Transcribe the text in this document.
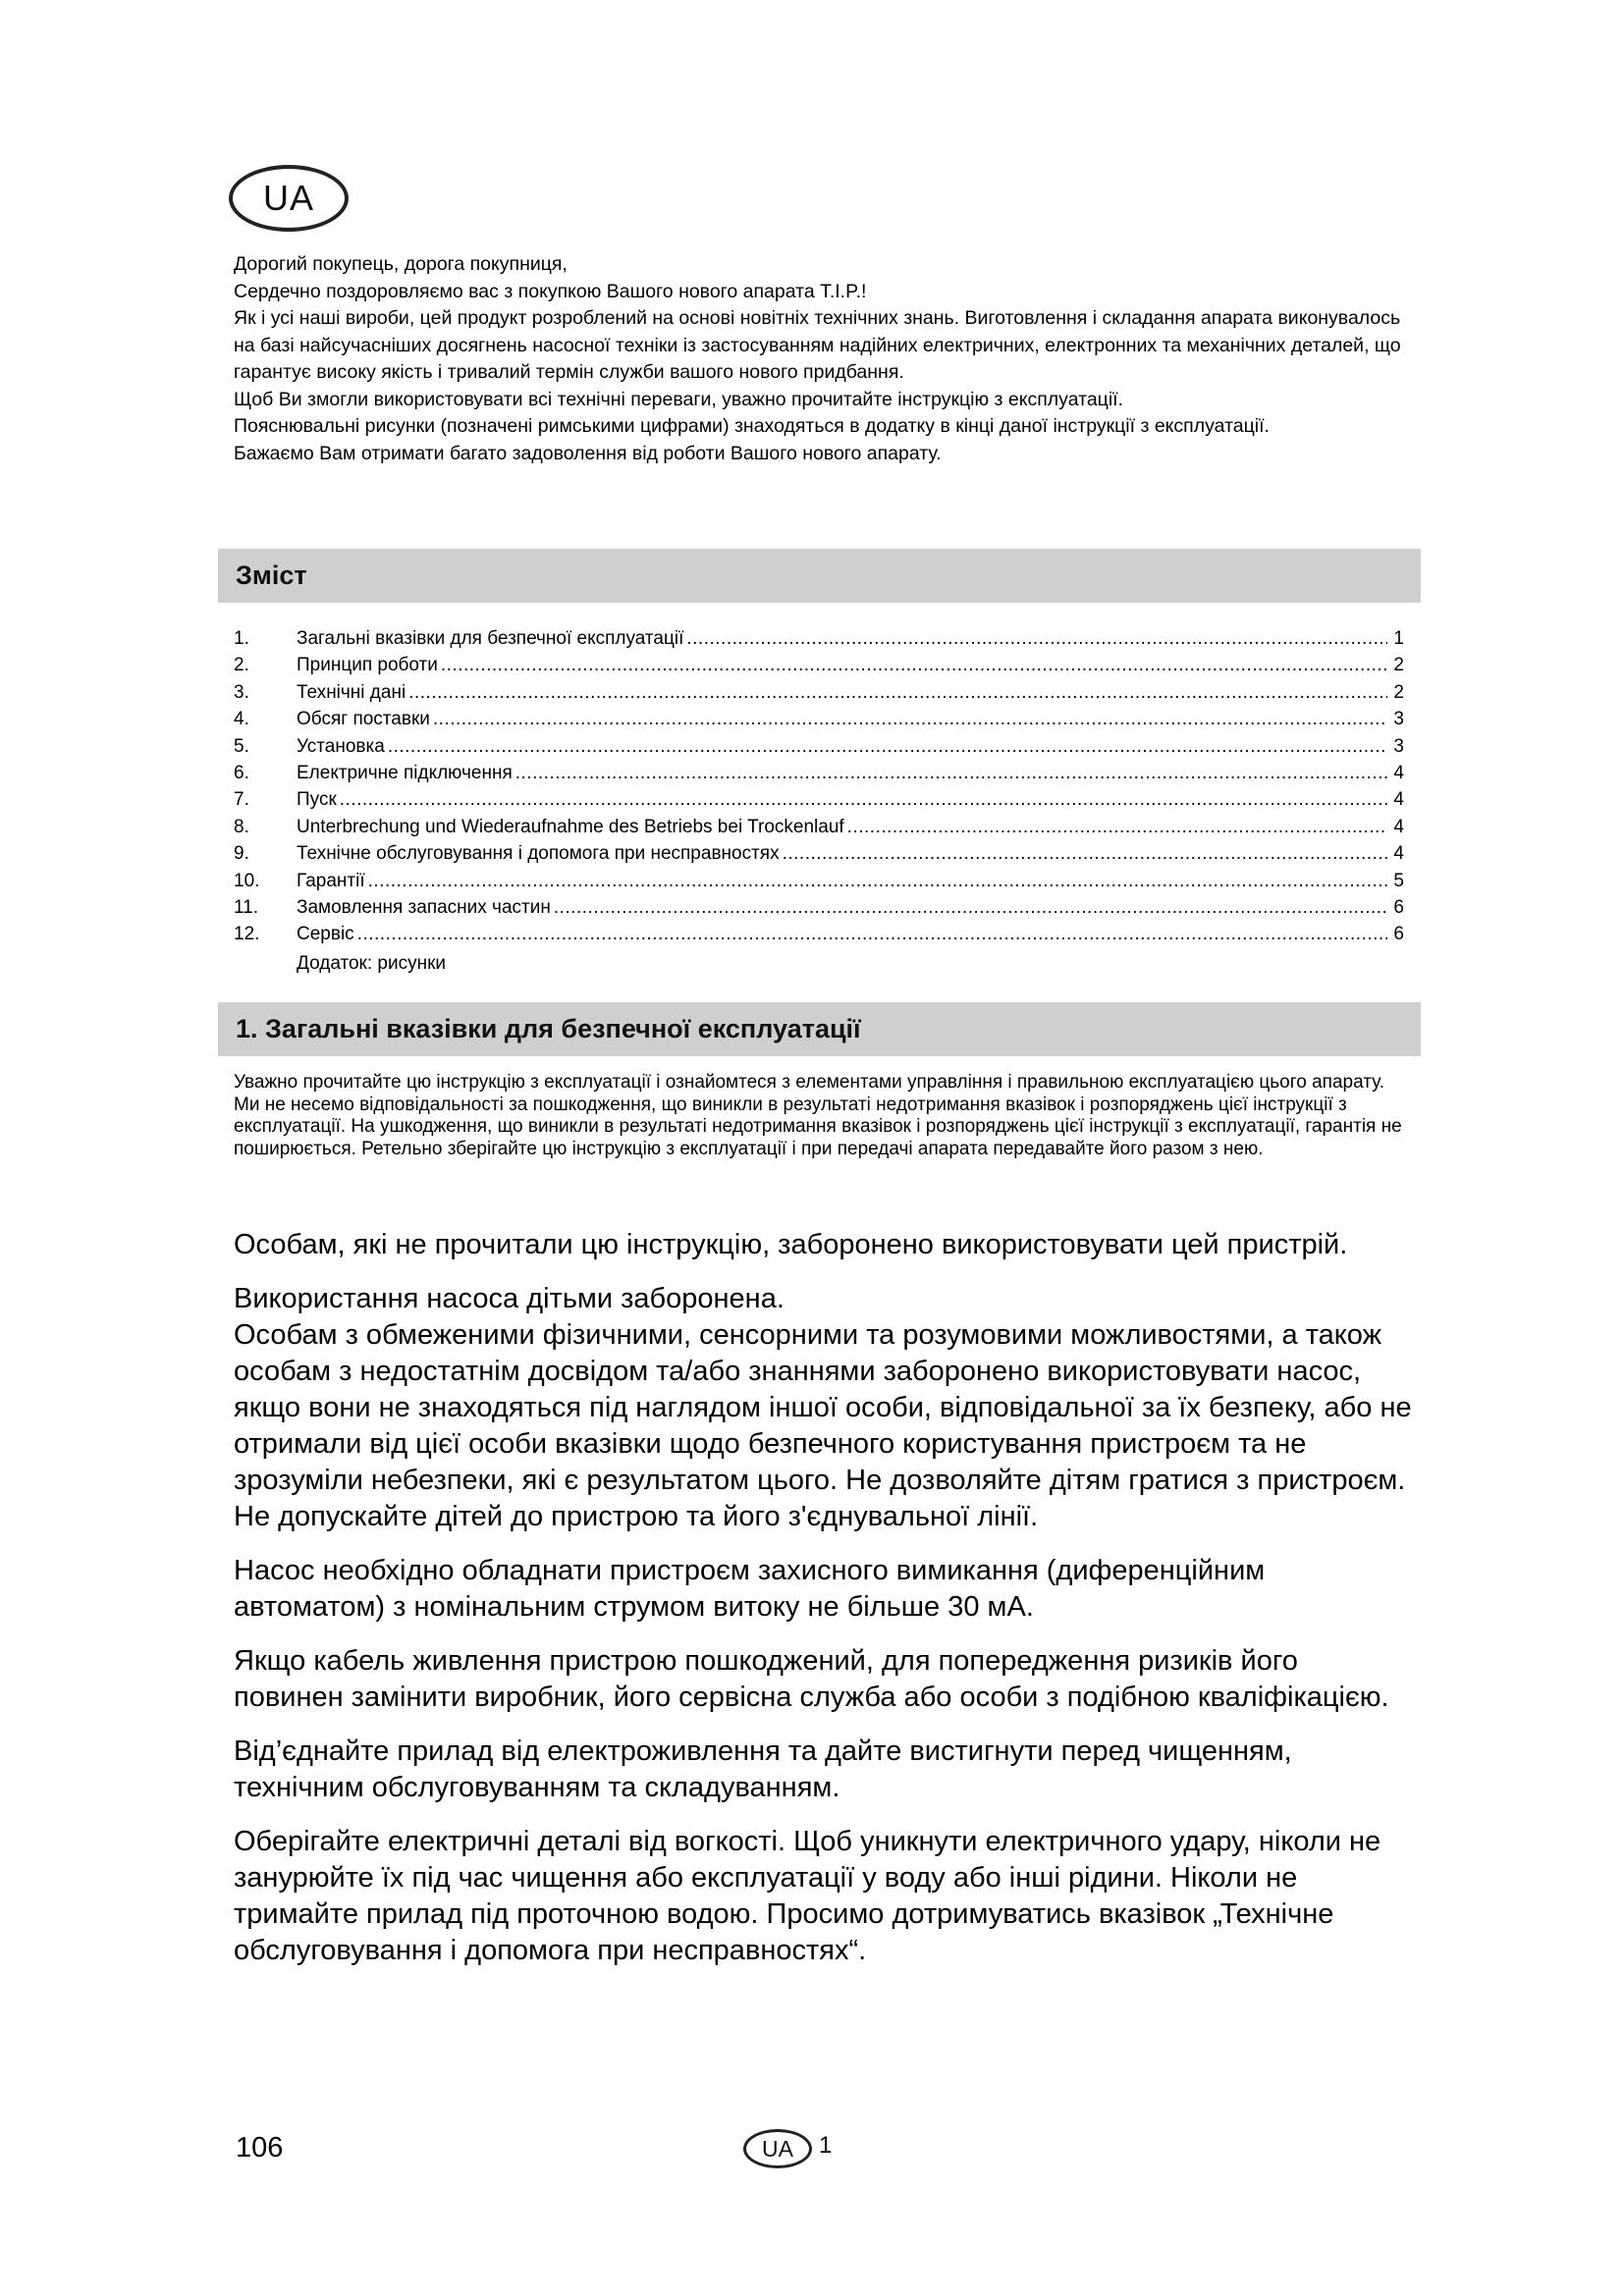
UA

Дорогий покупець, дорога покупниця,

Сердечно поздоровляємо вас з покупкою Вашого нового апарата T.I.P.!

Як і усі наші вироби, цей продукт розроблений на основі новітніх технічних знань. Виготовлення і складання апарата виконувалось на базі найсучасніших досягнень насосної техніки із застосуванням надійних електричних, електронних та механічних деталей, що гарантує високу якість і тривалий термін служби вашого нового придбання.

Щоб Ви змогли використовувати всі технічні переваги, уважно прочитайте інструкцію з експлуатації.

Пояснювальні рисунки (позначені римськими цифрами) знаходяться в додатку в кінці даної інструкції з експлуатації.

Бажаємо Вам отримати багато задоволення від роботи Вашого нового апарату.

Зміст
1.	Загальні вказівки для безпечної експлуатації .....	1
2.	Принцип роботи .....	2
3.	Технічні дані .....	2
4.	Обсяг поставки .....	3
5.	Установка .....	3
6.	Електричне підключення .....	4
7.	Пуск .....	4
8.	Unterbrechung und Wiederaufnahme des Betriebs bei Trockenlauf .....	4
9.	Технічне обслуговування і допомога при несправностях .....	4
10.	Гарантії .....	5
11.	Замовлення запасних частин .....	6
12.	Сервіс .....	6
Додаток: рисунки
1. Загальні вказівки для безпечної експлуатації
Уважно прочитайте цю інструкцію з експлуатації і ознайомтеся з елементами управління і правильною експлуатацією цього апарату. Ми не несемо відповідальності за пошкодження, що виникли в результаті недотримання вказівок і розпоряджень цієї інструкції з експлуатації. На ушкодження, що виникли в результаті недотримання вказівок і розпоряджень цієї інструкції з експлуатації, гарантія не поширюється. Ретельно зберігайте цю інструкцію з експлуатації і при передачі апарата передавайте його разом з нею.

Особам, які не прочитали цю інструкцію, заборонено використовувати цей пристрій.

Використання насоса дітьми заборонена.
Особам з обмеженими фізичними, сенсорними та розумовими можливостями, а також особам з недостатнім досвідом та/або знаннями заборонено використовувати насос, якщо вони не знаходяться під наглядом іншої особи, відповідальної за їх безпеку, або не отримали від цієї особи вказівки щодо безпечного користування пристроєм та не зрозуміли небезпеки, які є результатом цього. Не дозволяйте дітям гратися з пристроєм. Не допускайте дітей до пристрою та його з'єднувальної лінії.

Насос необхідно обладнати пристроєм захисного вимикання (диференційним автоматом) з номінальним струмом витоку не більше 30 мА.

Якщо кабель живлення пристрою пошкоджений, для попередження ризиків його повинен замінити виробник, його сервісна служба або особи з подібною кваліфікацією.

Від’єднайте прилад від електроживлення та дайте вистигнути перед чищенням, технічним обслуговуванням та складуванням.

Оберігайте електричні деталі від вогкості. Щоб уникнути електричного удару, ніколи не занурюйте їх під час чищення або експлуатації у воду або інші рідини. Ніколи не тримайте прилад під проточною водою. Просимо дотримуватись вказівок „Технічне обслуговування і допомога при несправностях“.

106	UA 1
